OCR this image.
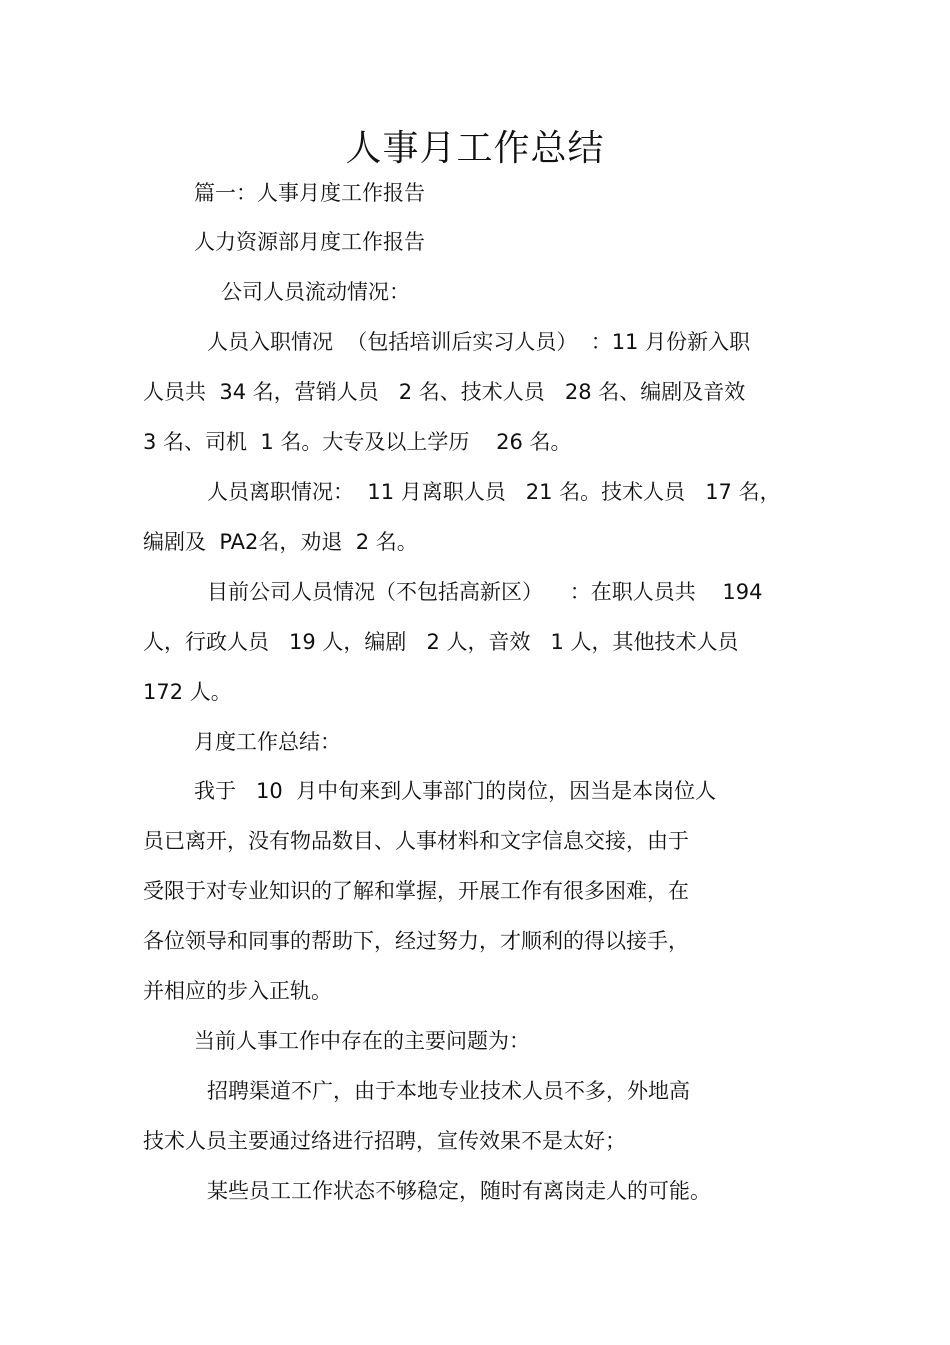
人事月工作总结
篇一：人事月度工作报告
人力资源部月度工作报告
公司人员流动情况：
人员入职情况  （包括培训后实习人员）  ：11 月份新入职
人员共  34 名，营销人员   2 名、技术人员   28 名、编剧及音效
3 名、司机  1 名。大专及以上学历    26 名。
人员离职情况：  11 月离职人员   21 名。技术人员   17 名，
编剧及  PA2名，劝退  2 名。
目前公司人员情况（不包括高新区）    ：在职人员共    194
人，行政人员   19 人，编剧   2 人，音效   1 人，其他技术人员
172 人。
月度工作总结：
我于   10  月中旬来到人事部门的岗位，因当是本岗位人
员已离开，没有物品数目、人事材料和文字信息交接，由于
受限于对专业知识的了解和掌握，开展工作有很多困难，在
各位领导和同事的帮助下，经过努力，才顺利的得以接手，
并相应的步入正轨。
当前人事工作中存在的主要问题为：
招聘渠道不广，由于本地专业技术人员不多，外地高
技术人员主要通过络进行招聘，宣传效果不是太好；
某些员工工作状态不够稳定，随时有离岗走人的可能。
